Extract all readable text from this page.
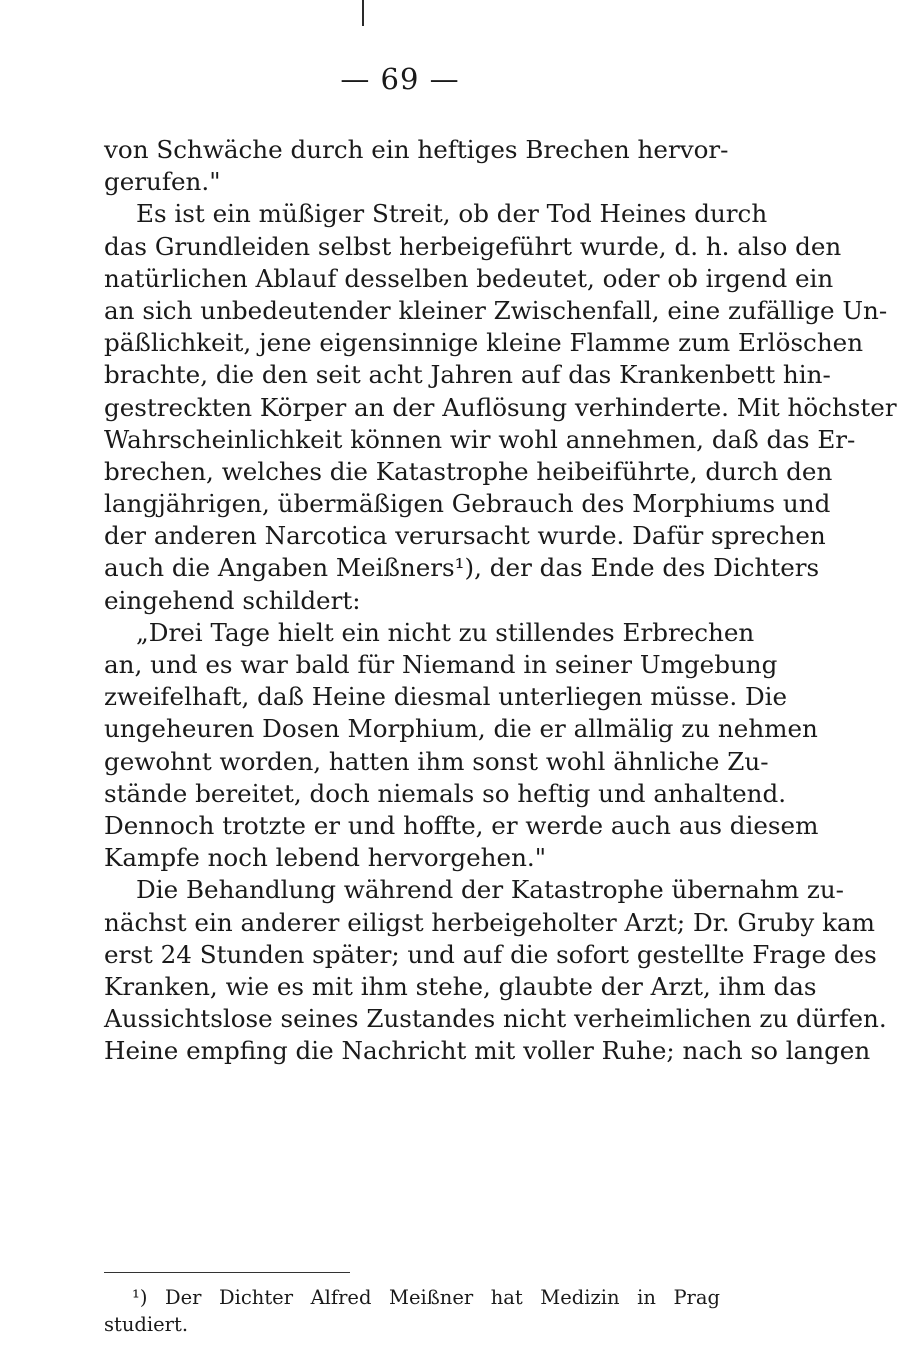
— 69 —
von Schwäche durch ein heftiges Brechen hervor-
gerufen."
Es ist ein müßiger Streit, ob der Tod Heines durch
das Grundleiden selbst herbeigeführt wurde, d. h. also den
natürlichen Ablauf desselben bedeutet, oder ob irgend ein
an sich unbedeutender kleiner Zwischenfall, eine zufällige Un-
päßlichkeit, jene eigensinnige kleine Flamme zum Erlöschen
brachte, die den seit acht Jahren auf das Krankenbett hin-
gestreckten Körper an der Auflösung verhinderte. Mit höchster
Wahrscheinlichkeit können wir wohl annehmen, daß das Er-
brechen, welches die Katastrophe heibeiführte, durch den
langjährigen, übermäßigen Gebrauch des Morphiums und
der anderen Narcotica verursacht wurde. Dafür sprechen
auch die Angaben Meißners¹), der das Ende des Dichters
eingehend schildert:
„Drei Tage hielt ein nicht zu stillendes Erbrechen
an, und es war bald für Niemand in seiner Umgebung
zweifelhaft, daß Heine diesmal unterliegen müsse. Die
ungeheuren Dosen Morphium, die er allmälig zu nehmen
gewohnt worden, hatten ihm sonst wohl ähnliche Zu-
stände bereitet, doch niemals so heftig und anhaltend.
Dennoch trotzte er und hoffte, er werde auch aus diesem
Kampfe noch lebend hervorgehen."
Die Behandlung während der Katastrophe übernahm zu-
nächst ein anderer eiligst herbeigeholter Arzt; Dr. Gruby kam
erst 24 Stunden später; und auf die sofort gestellte Frage des
Kranken, wie es mit ihm stehe, glaubte der Arzt, ihm das
Aussichtslose seines Zustandes nicht verheimlichen zu dürfen.
Heine empfing die Nachricht mit voller Ruhe; nach so langen
¹) Der Dichter Alfred Meißner hat Medizin in Prag
studiert.
